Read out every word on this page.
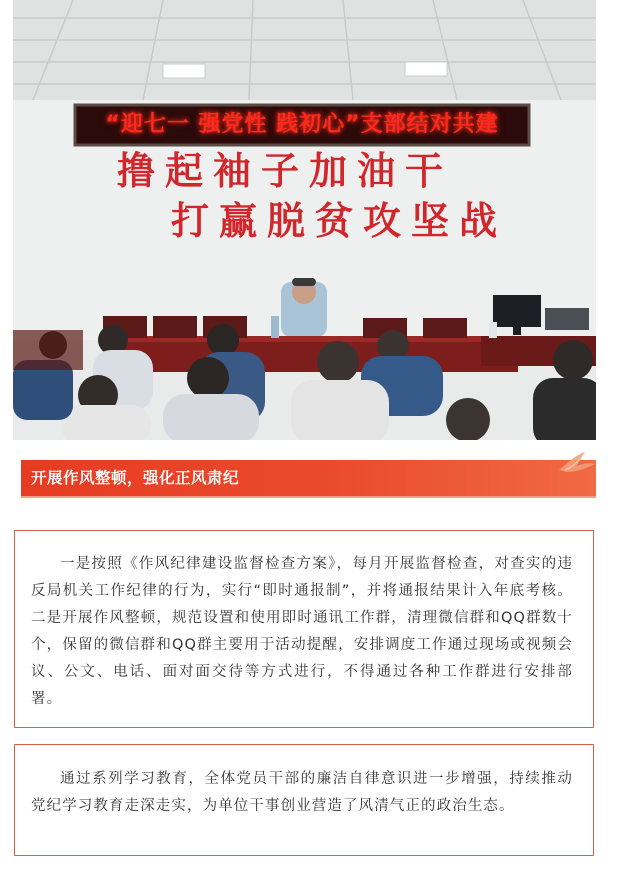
“迎七一 强党性 践初心”支部结对共建
撸起袖子加油干
打赢脱贫攻坚战
开展作风整顿，强化正风肃纪

一是按照《作风纪律建设监督检查方案》，每月开展监督检查，对查实的违反局机关工作纪律的行为，实行“即时通报制”，并将通报结果计入年底考核。二是开展作风整顿，规范设置和使用即时通讯工作群，清理微信群和QQ群数十个，保留的微信群和QQ群主要用于活动提醒，安排调度工作通过现场或视频会议、公文、电话、面对面交待等方式进行，不得通过各种工作群进行安排部署。

通过系列学习教育，全体党员干部的廉洁自律意识进一步增强，持续推动党纪学习教育走深走实，为单位干事创业营造了风清气正的政治生态。
